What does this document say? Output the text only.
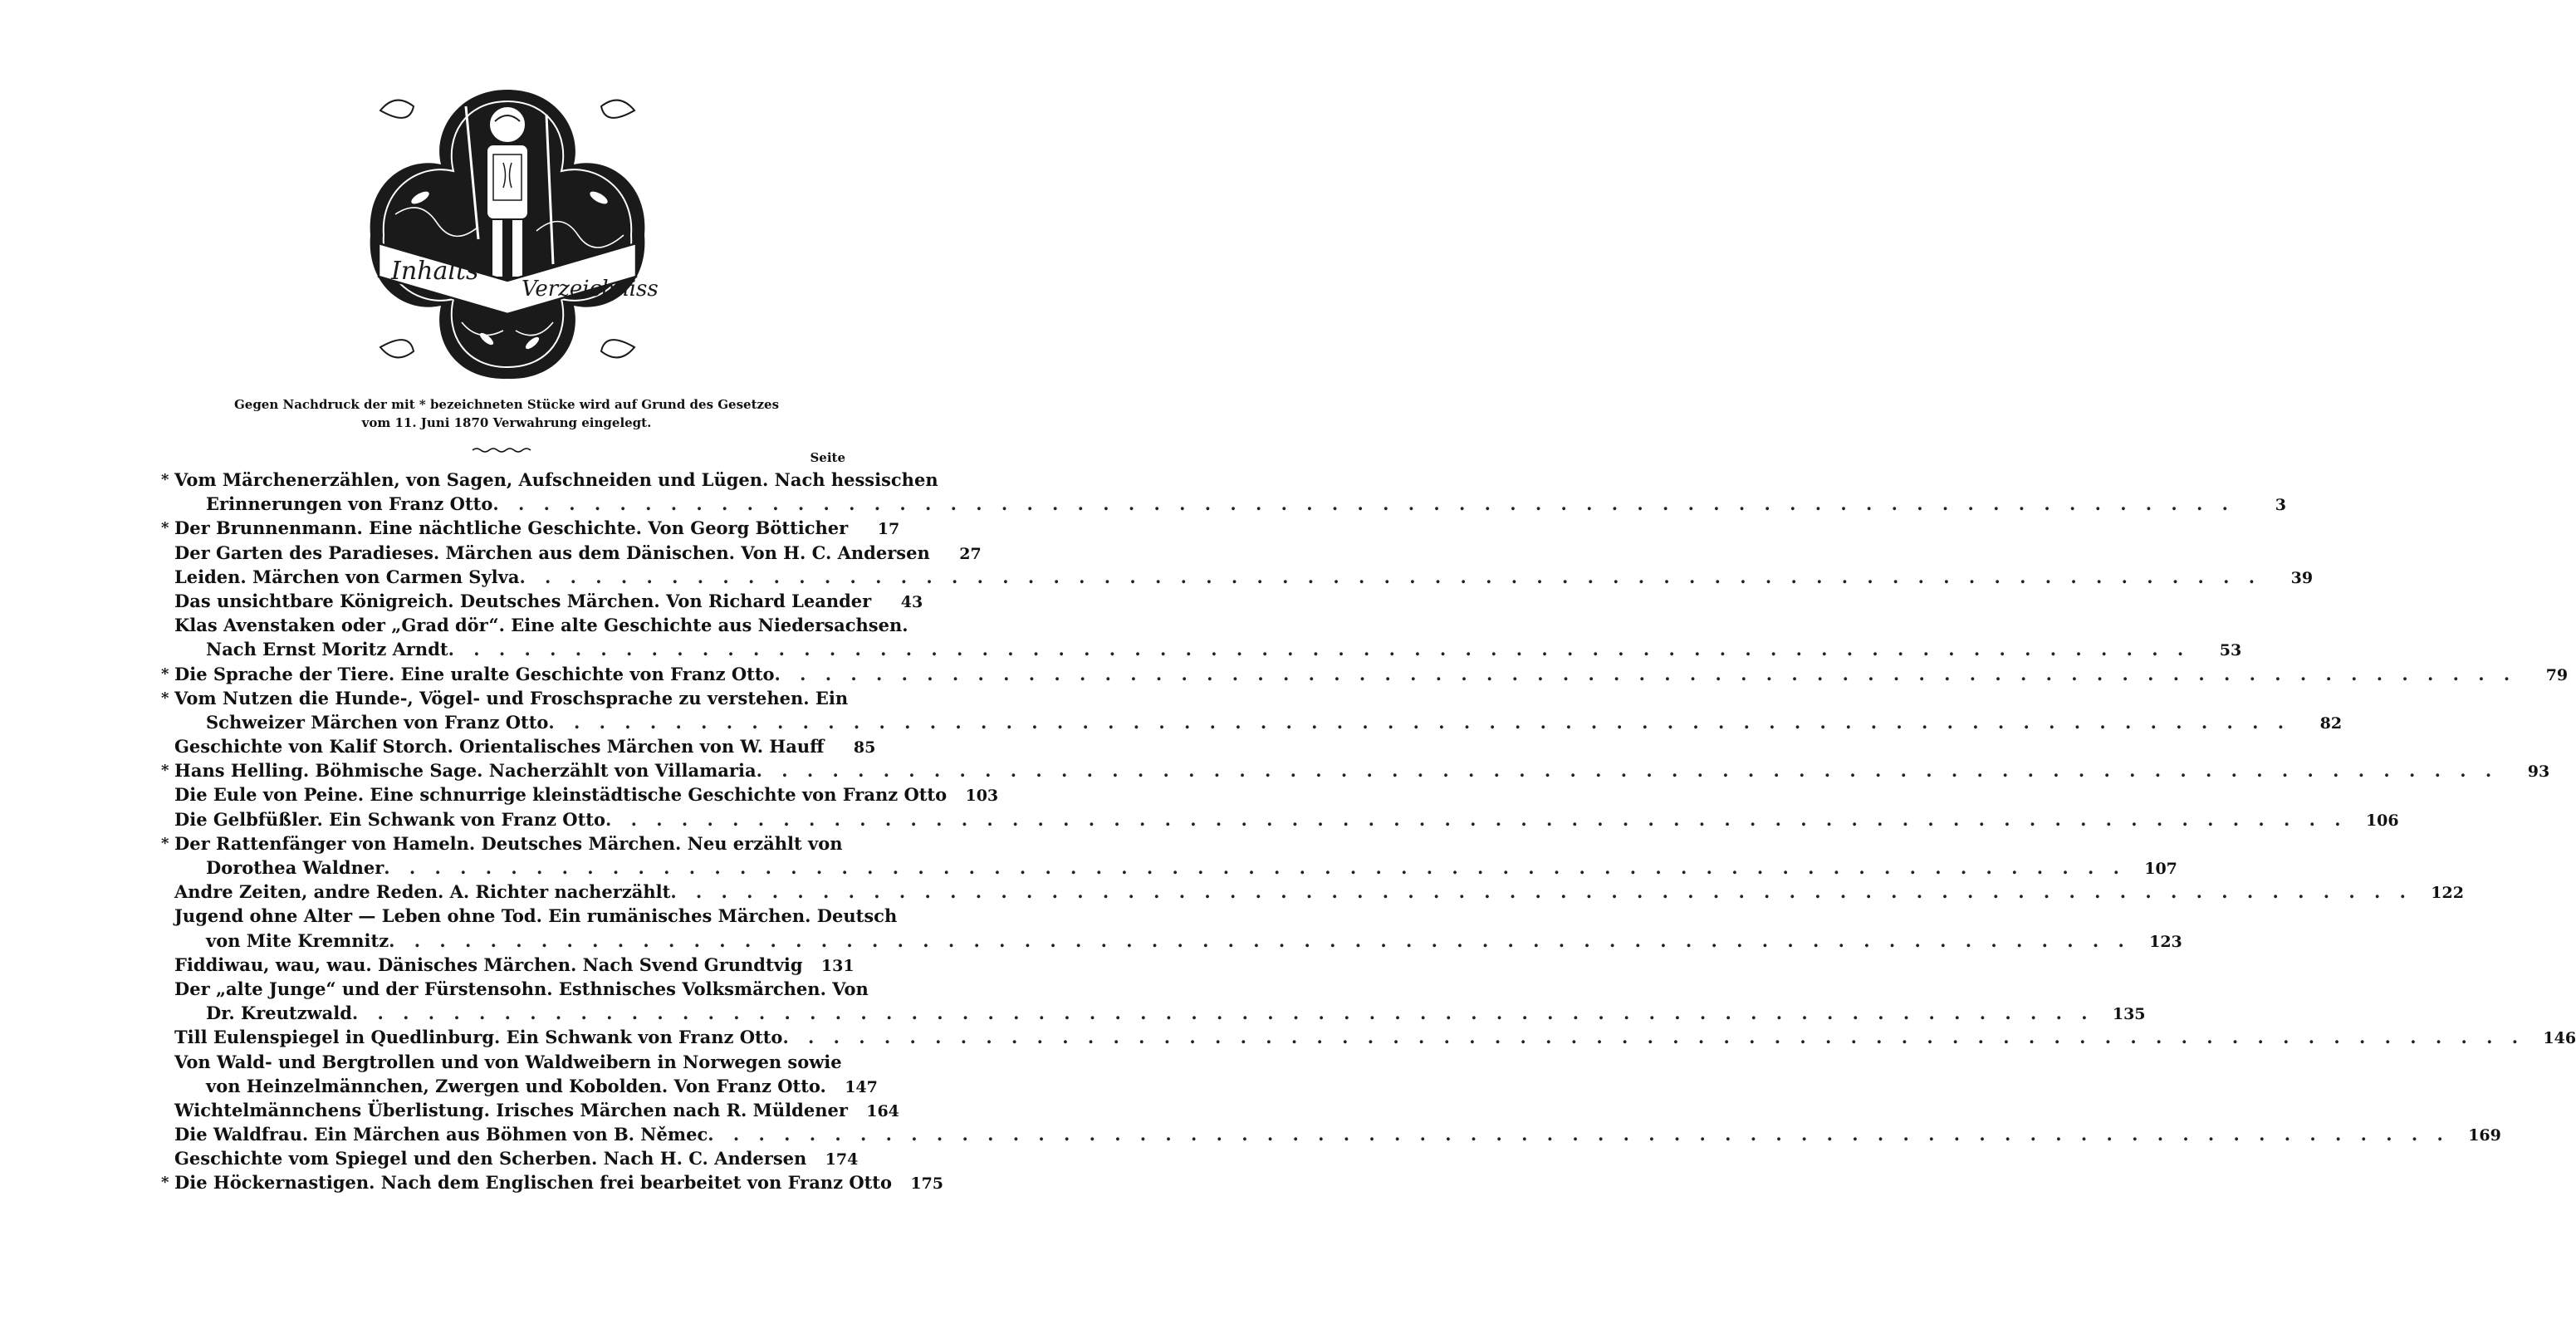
Inhalts
Verzeichniss
Gegen Nachdruck der mit * bezeichneten Stücke wird auf Grund des Gesetzes
vom 11. Juni 1870 Verwahrung eingelegt.
Seite
* Vom Märchenerzählen, von Sagen, Aufschneiden und Lügen. Nach hessischen
Erinnerungen von Franz Otto . . .	3
* Der Brunnenmann. Eine nächtliche Geschichte. Von Georg Bötticher	17
Der Garten des Paradieses. Märchen aus dem Dänischen. Von H. C. Andersen	27
Leiden. Märchen von Carmen Sylva . . .	39
Das unsichtbare Königreich. Deutsches Märchen. Von Richard Leander	43
Klas Avenstaken oder „Grad dör“. Eine alte Geschichte aus Niedersachsen.
Nach Ernst Moritz Arndt . . .	53
* Die Sprache der Tiere. Eine uralte Geschichte von Franz Otto . . .	79
* Vom Nutzen die Hunde-, Vögel- und Froschsprache zu verstehen. Ein
Schweizer Märchen von Franz Otto . . .	82
Geschichte von Kalif Storch. Orientalisches Märchen von W. Hauff	85
* Hans Helling. Böhmische Sage. Nacherzählt von Villamaria . . .	93
Die Eule von Peine. Eine schnurrige kleinstädtische Geschichte von Franz Otto	103
Die Gelbfüßler. Ein Schwank von Franz Otto . . .	106
* Der Rattenfänger von Hameln. Deutsches Märchen. Neu erzählt von
Dorothea Waldner . . .	107
Andre Zeiten, andre Reden. A. Richter nacherzählt . . .	122
Jugend ohne Alter — Leben ohne Tod. Ein rumänisches Märchen. Deutsch
von Mite Kremnitz . . .	123
Fiddiwau, wau, wau. Dänisches Märchen. Nach Svend Grundtvig	131
Der „alte Junge“ und der Fürstensohn. Esthnisches Volksmärchen. Von
Dr. Kreutzwald . . .	135
Till Eulenspiegel in Quedlinburg. Ein Schwank von Franz Otto . . .	146
Von Wald- und Bergtrollen und von Waldweibern in Norwegen sowie
von Heinzelmännchen, Zwergen und Kobolden. Von Franz Otto.	147
Wichtelmännchens Überlistung. Irisches Märchen nach R. Müldener	164
Die Waldfrau. Ein Märchen aus Böhmen von B. Němec . . .	169
Geschichte vom Spiegel und den Scherben. Nach H. C. Andersen	174
* Die Höckernastigen. Nach dem Englischen frei bearbeitet von Franz Otto	175
